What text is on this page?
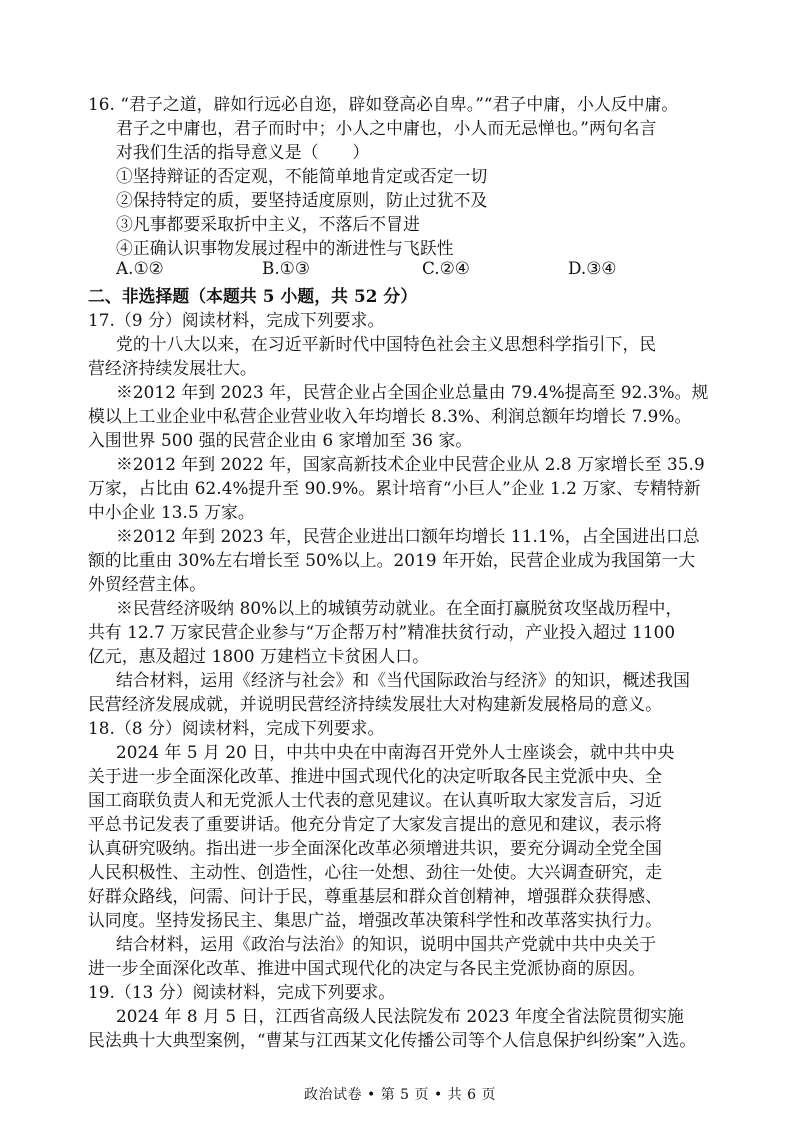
16. “君子之道，辟如行远必自迩，辟如登高必自卑。”“君子中庸，小人反中庸。
君子之中庸也，君子而时中；小人之中庸也，小人而无忌惮也。”两句名言
对我们生活的指导意义是（　　）
①坚持辩证的否定观，不能简单地肯定或否定一切
②保持特定的质，要坚持适度原则，防止过犹不及
③凡事都要采取折中主义，不落后不冒进
④正确认识事物发展过程中的渐进性与飞跃性
A.①②	B.①③	C.②④	D.③④
二、非选择题（本题共 5 小题，共 52 分）
17.（9 分）阅读材料，完成下列要求。
党的十八大以来，在习近平新时代中国特色社会主义思想科学指引下，民
营经济持续发展壮大。
※2012 年到 2023 年，民营企业占全国企业总量由 79.4%提高至 92.3%。规
模以上工业企业中私营企业营业收入年均增长 8.3%、利润总额年均增长 7.9%。
入围世界 500 强的民营企业由 6 家增加至 36 家。
※2012 年到 2022 年，国家高新技术企业中民营企业从 2.8 万家增长至 35.9
万家，占比由 62.4%提升至 90.9%。累计培育“小巨人”企业 1.2 万家、专精特新
中小企业 13.5 万家。
※2012 年到 2023 年，民营企业进出口额年均增长 11.1%，占全国进出口总
额的比重由 30%左右增长至 50%以上。2019 年开始，民营企业成为我国第一大
外贸经营主体。
※民营经济吸纳 80%以上的城镇劳动就业。在全面打赢脱贫攻坚战历程中，
共有 12.7 万家民营企业参与“万企帮万村”精准扶贫行动，产业投入超过 1100
亿元，惠及超过 1800 万建档立卡贫困人口。
结合材料，运用《经济与社会》和《当代国际政治与经济》的知识，概述我国
民营经济发展成就，并说明民营经济持续发展壮大对构建新发展格局的意义。
18.（8 分）阅读材料，完成下列要求。
2024 年 5 月 20 日，中共中央在中南海召开党外人士座谈会，就中共中央
关于进一步全面深化改革、推进中国式现代化的决定听取各民主党派中央、全
国工商联负责人和无党派人士代表的意见建议。在认真听取大家发言后，习近
平总书记发表了重要讲话。他充分肯定了大家发言提出的意见和建议，表示将
认真研究吸纳。指出进一步全面深化改革必须增进共识，要充分调动全党全国
人民积极性、主动性、创造性，心往一处想、劲往一处使。大兴调查研究，走
好群众路线，问需、问计于民，尊重基层和群众首创精神，增强群众获得感、
认同度。坚持发扬民主、集思广益，增强改革决策科学性和改革落实执行力。
结合材料，运用《政治与法治》的知识，说明中国共产党就中共中央关于
进一步全面深化改革、推进中国式现代化的决定与各民主党派协商的原因。
19.（13 分）阅读材料，完成下列要求。
2024 年 8 月 5 日，江西省高级人民法院发布 2023 年度全省法院贯彻实施
民法典十大典型案例，“曹某与江西某文化传播公司等个人信息保护纠纷案”入选。
政治试卷 • 第 5 页 • 共 6 页
